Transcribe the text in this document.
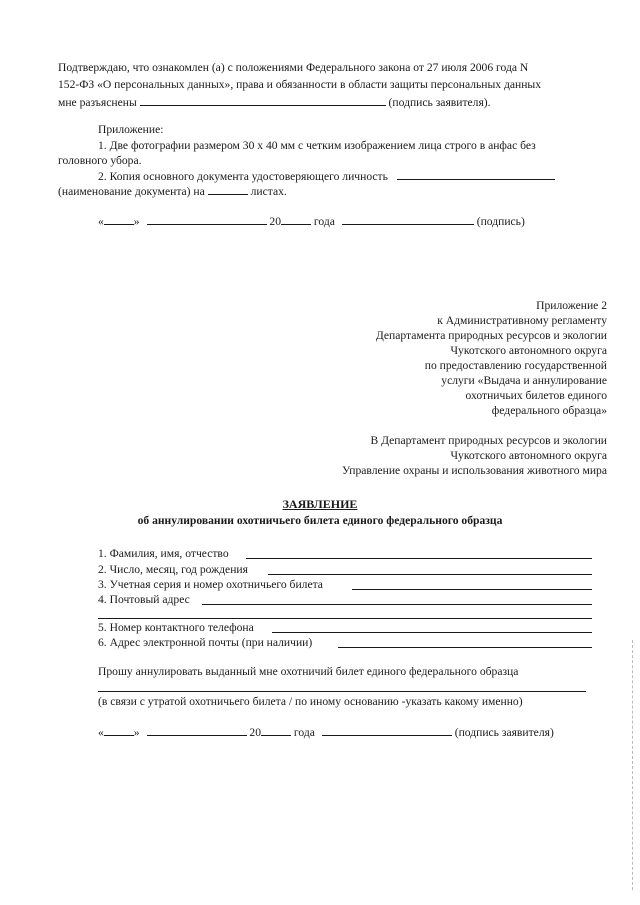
Подтверждаю, что ознакомлен (а) с положениями Федерального закона от 27 июля 2006 года N

152-ФЗ «О персональных данных», права и обязанности в области защиты персональных данных

мне разъяснены	(подпись заявителя).

Приложение:

1. Две фотографии размером 30 х 40 мм с четким изображением лица строго в анфас без

головного убора.

2. Копия основного документа удостоверяющего личность

(наименование документа) на	листах.

«	»	20	года	(подпись)

Приложение 2
к Административному регламенту
Департамента природных ресурсов и экологии
Чукотского автономного округа
по предоставлению государственной
услуги «Выдача и аннулирование
охотничьих билетов единого
федерального образца»
В Департамент природных ресурсов и экологии
Чукотского автономного округа
Управление охраны и использования животного мира
ЗАЯВЛЕНИЕ
об аннулировании охотничьего билета единого федерального образца

1. Фамилия, имя, отчество

2. Число, месяц, год рождения

3. Учетная серия и номер охотничьего билета

4. Почтовый адрес

5. Номер контактного телефона

6. Адрес электронной почты (при наличии)

Прошу аннулировать выданный мне охотничий билет единого федерального образца

(в связи с утратой охотничьего билета / по иному основанию -указать какому именно)

«	»	20	года	(подпись заявителя)
